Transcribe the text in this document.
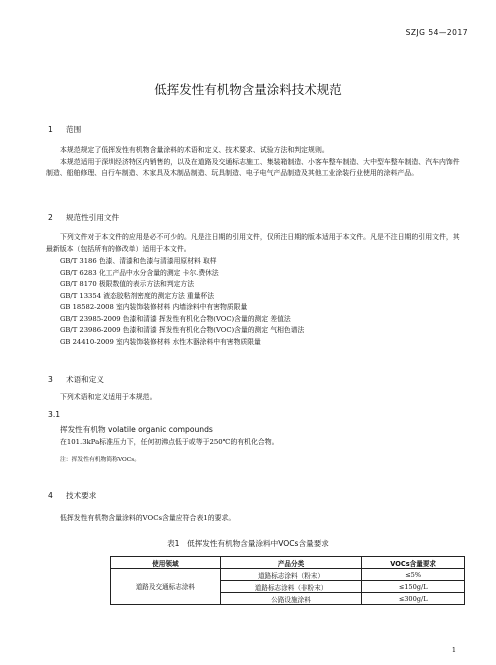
SZJG 54—2017
低挥发性有机物含量涂料技术规范
1 范围

本规范规定了低挥发性有机物含量涂料的术语和定义、技术要求、试验方法和判定规则。

本规范适用于深圳经济特区内销售的，以及在道路及交通标志施工、集装箱制造、小客车整车制造、大中型车整车制造、汽车内饰件制造、船舶修理、自行车制造、木家具及木制品制造、玩具制造、电子电气产品制造及其他工业涂装行业使用的涂料产品。

2 规范性引用文件

下列文件对于本文件的应用是必不可少的。凡是注日期的引用文件，仅所注日期的版本适用于本文件。凡是不注日期的引用文件，其最新版本（包括所有的修改单）适用于本文件。

GB/T 3186 色漆、清漆和色漆与清漆用原材料 取样
GB/T 6283 化工产品中水分含量的测定 卡尔.费休法
GB/T 8170 极限数值的表示方法和判定方法
GB/T 13354 液态胶粘剂密度的测定方法 重量杯法
GB 18582-2008 室内装饰装修材料 内墙涂料中有害物质限量
GB/T 23985-2009 色漆和清漆 挥发性有机化合物(VOC)含量的测定 差值法
GB/T 23986-2009 色漆和清漆 挥发性有机化合物(VOC)含量的测定 气相色谱法
GB 24410-2009 室内装饰装修材料 水性木器涂料中有害物质限量
3 术语和定义
下列术语和定义适用于本规范。
3.1
挥发性有机物 volatile organic compounds
在101.3kPa标准压力下，任何初沸点低于或等于250℃的有机化合物。
注：挥发性有机物简称VOCs。
4 技术要求
低挥发性有机物含量涂料的VOCs含量应符合表1的要求。
表1　低挥发性有机物含量涂料中VOCs含量要求
使用领域	产品分类	VOCs含量要求
道路及交通标志涂料	道路标志涂料（粉末）	≤5%
	道路标志涂料（非粉末）	≤150g/L
	公路设施涂料	≤300g/L
1
